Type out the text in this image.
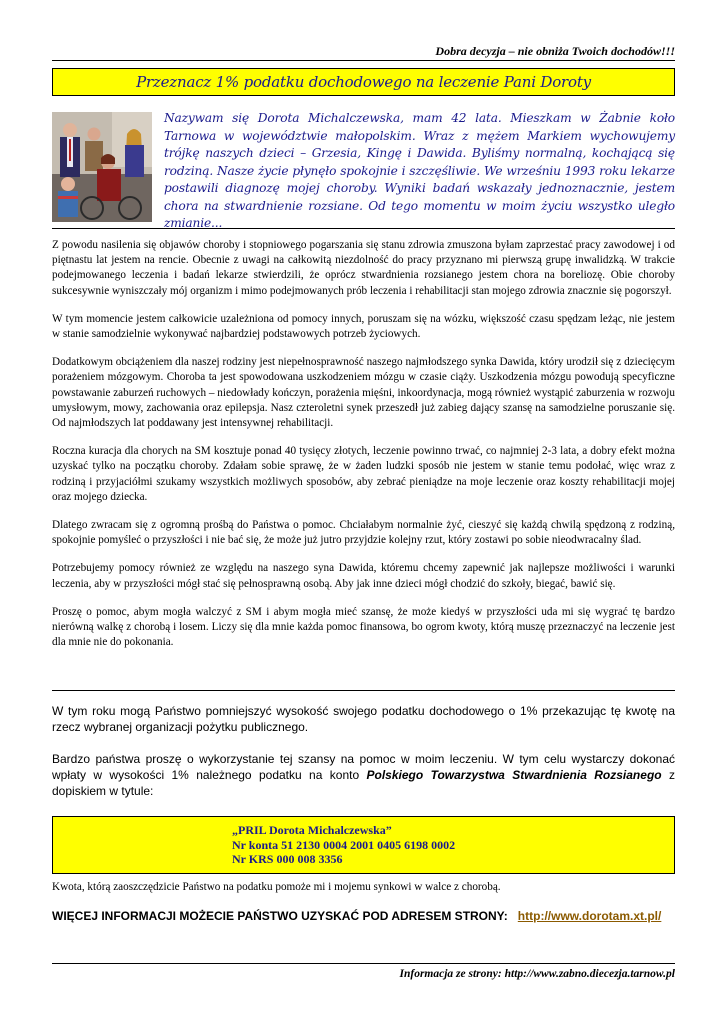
Dobra decyzja – nie obniża Twoich dochodów!!!
Przeznacz 1% podatku dochodowego na leczenie Pani Doroty
Nazywam się Dorota Michalczewska, mam 42 lata. Mieszkam w Żabnie koło Tarnowa w województwie małopolskim. Wraz z mężem Markiem wychowujemy trójkę naszych dzieci – Grzesia, Kingę i Dawida. Byliśmy normalną, kochającą się rodziną. Nasze życie płynęło spokojnie i szczęśliwie. We wrześniu 1993 roku lekarze postawili diagnozę mojej choroby. Wyniki badań wskazały jednoznacznie, jestem chora na stwardnienie rozsiane. Od tego momentu w moim życiu wszystko uległo zmianie...

Z powodu nasilenia się objawów choroby i stopniowego pogarszania się stanu zdrowia zmuszona byłam zaprzestać pracy zawodowej i od piętnastu lat jestem na rencie. Obecnie z uwagi na całkowitą niezdolność do pracy przyznano mi pierwszą grupę inwalidzką. W trakcie podejmowanego leczenia i badań lekarze stwierdzili, że oprócz stwardnienia rozsianego jestem chora na boreliozę. Obie choroby sukcesywnie wyniszczały mój organizm i mimo podejmowanych prób leczenia i rehabilitacji stan mojego zdrowia znacznie się pogorszył.

W tym momencie jestem całkowicie uzależniona od pomocy innych, poruszam się na wózku, większość czasu spędzam leżąc, nie jestem w stanie samodzielnie wykonywać najbardziej podstawowych potrzeb życiowych.

Dodatkowym obciążeniem dla naszej rodziny jest niepełnosprawność naszego najmłodszego synka Dawida, który urodził się z dziecięcym porażeniem mózgowym. Choroba ta jest spowodowana uszkodzeniem mózgu w czasie ciąży. Uszkodzenia mózgu powodują specyficzne powstawanie zaburzeń ruchowych – niedowłady kończyn, porażenia mięśni, inkoordynacja, mogą również wystąpić zaburzenia w rozwoju umysłowym, mowy, zachowania oraz epilepsja. Nasz czteroletni synek przeszedł już zabieg dający szansę na samodzielne poruszanie się. Od najmłodszych lat poddawany jest intensywnej rehabilitacji.

Roczna kuracja dla chorych na SM kosztuje ponad 40 tysięcy złotych, leczenie powinno trwać, co najmniej 2-3 lata, a dobry efekt można uzyskać tylko na początku choroby. Zdałam sobie sprawę, że w żaden ludzki sposób nie jestem w stanie temu podołać, więc wraz z rodziną i przyjaciółmi szukamy wszystkich możliwych sposobów, aby zebrać pieniądze na moje leczenie oraz koszty rehabilitacji mojej oraz mojego dziecka.

Dlatego zwracam się z ogromną prośbą do Państwa o pomoc. Chciałabym normalnie żyć, cieszyć się każdą chwilą spędzoną z rodziną, spokojnie pomyśleć o przyszłości i nie bać się, że może już jutro przyjdzie kolejny rzut, który zostawi po sobie nieodwracalny ślad.

Potrzebujemy pomocy również ze względu na naszego syna Dawida, któremu chcemy zapewnić jak najlepsze możliwości i warunki leczenia, aby w przyszłości mógł stać się pełnosprawną osobą. Aby jak inne dzieci mógł chodzić do szkoły, biegać, bawić się.

Proszę o pomoc, abym mogła walczyć z SM i abym mogła mieć szansę, że może kiedyś w przyszłości uda mi się wygrać tę bardzo nierówną walkę z chorobą i losem. Liczy się dla mnie każda pomoc finansowa, bo ogrom kwoty, którą muszę przeznaczyć na leczenie jest dla mnie nie do pokonania.

W tym roku mogą Państwo pomniejszyć wysokość swojego podatku dochodowego o 1% przekazując tę kwotę na rzecz wybranej organizacji pożytku publicznego.
Bardzo państwa proszę o wykorzystanie tej szansy na pomoc w moim leczeniu. W tym celu wystarczy dokonać wpłaty w wysokości 1% należnego podatku na konto Polskiego Towarzystwa Stwardnienia Rozsianego z dopiskiem w tytule:
„PRIL Dorota Michalczewska”
Nr konta 51 2130 0004 2001 0405 6198 0002
Nr KRS 000 008 3356
Kwota, którą zaoszczędzicie Państwo na podatku pomoże mi i mojemu synkowi w walce z chorobą.
WIĘCEJ INFORMACJI MOŻECIE PAŃSTWO UZYSKAĆ POD ADRESEM STRONY: http://www.dorotam.xt.pl/
Informacja ze strony: http://www.zabno.diecezja.tarnow.pl
